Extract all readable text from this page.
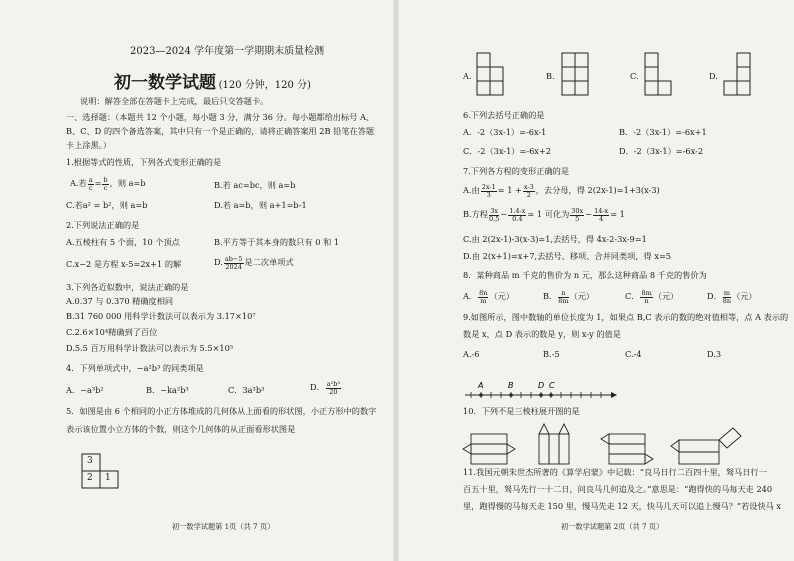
2023—2024 学年度第一学期期末质量检测
初一数学试题 (120 分钟，120 分)
说明：解答全部在答题卡上完成，最后只交答题卡。
一、选择题：（本题共 12 个小题，每小题 3 分，满分 36 分。每小题都给出标号 A、
B、C、D 的四个备选答案，其中只有一个是正确的，请将正确答案用 2B 铅笔在答题
卡上涂黑。）
1.根据等式的性质，下列各式变形正确的是
A.若 $\frac{a}{c} = \frac{b}{c}$ ，则 a=b	B.若 ac=bc，则 a=b
C.若a² = b²，则 a=b	D.若 a=b，则 a+1=b-1
2.下列说法正确的是
A.五棱柱有 5 个面，10 个顶点	B.平方等于其本身的数只有 0 和 1
C.x−2 是方程 x-5=2x+1 的解	D. $\frac{ab-5}{2024}$ 是二次单项式
3.下列各近似数中，说法正确的是
A.0.37 与 0.370 精确度相同
B.31 760 000 用科学计数法可以表示为 3.17×10⁷
C.2.6×10⁴精确到了百位
D.5.5 百万用科学计数法可以表示为 5.5×10⁵
4．下列单项式中，−a²b³ 的同类项是
A．−a³b²	B．−ka²b³	C．3a³b³	D． $\frac{\text{a²b³}}{20}$
5．如图是由 6 个相同的小正方体堆成的几何体从上面看的形状图，小正方形中的数字
表示该位置小立方体的个数，则这个几何体的从正面看形状图是
3
2 1
初一数学试题第 1页（共 7 页）
A.	B.	C.	D.
6.下列去括号正确的是
A．-2（3x-1）=-6x-1	B．-2（3x-1）=-6x+1
C．-2（3x-1）=-6x+2	D．-2（3x-1）=-6x-2
7.下列各方程的变形正确的是
A.由 $\frac{2x-1}{3} = 1 + \frac{x-3}{2}$ ，去分母，得 2(2x-1)=1+3(x-3)
B.方程 $\frac{3x}{0.5} - \frac{1.4-x}{0.4} = 1$ 可化为 $\frac{30x}{5} - \frac{14-x}{4} = 1$
C.由 2(2x-1)-3(x-3)=1,去括号，得 4x-2-3x-9=1
D.由 2(x+1)=x+7,去括号、移项、合并同类项，得 x=5
8．某种商品 m 千克的售价为 n 元，那么这种商品 8 千克的售价为
A． $\frac{8n}{m}$ （元）	B． $\frac{n}{8m}$ （元）	C． $\frac{8m}{n}$ （元）	D． $\frac{m}{8n}$ （元）
9.如图所示，图中数轴的单位长度为 1，如果点 B,C 表示的数的绝对值相等，点 A 表示的
数是 x，点 D 表示的数是 y，则 x-y 的值是
A.-6	B.-5	C.-4	D.3
A	B	D C
10．下列不是三棱柱展开图的是
11.我国元朝朱世杰所著的《算学启蒙》中记载：“良马日行二百四十里，驽马日行一
百五十里，驽马先行一十二日，问良马几何追及之。”意思是：“跑得快的马每天走 240
里，跑得慢的马每天走 150 里，慢马先走 12 天，快马几天可以追上慢马？”若设快马 x
初一数学试题第 2页（共 7 页）
